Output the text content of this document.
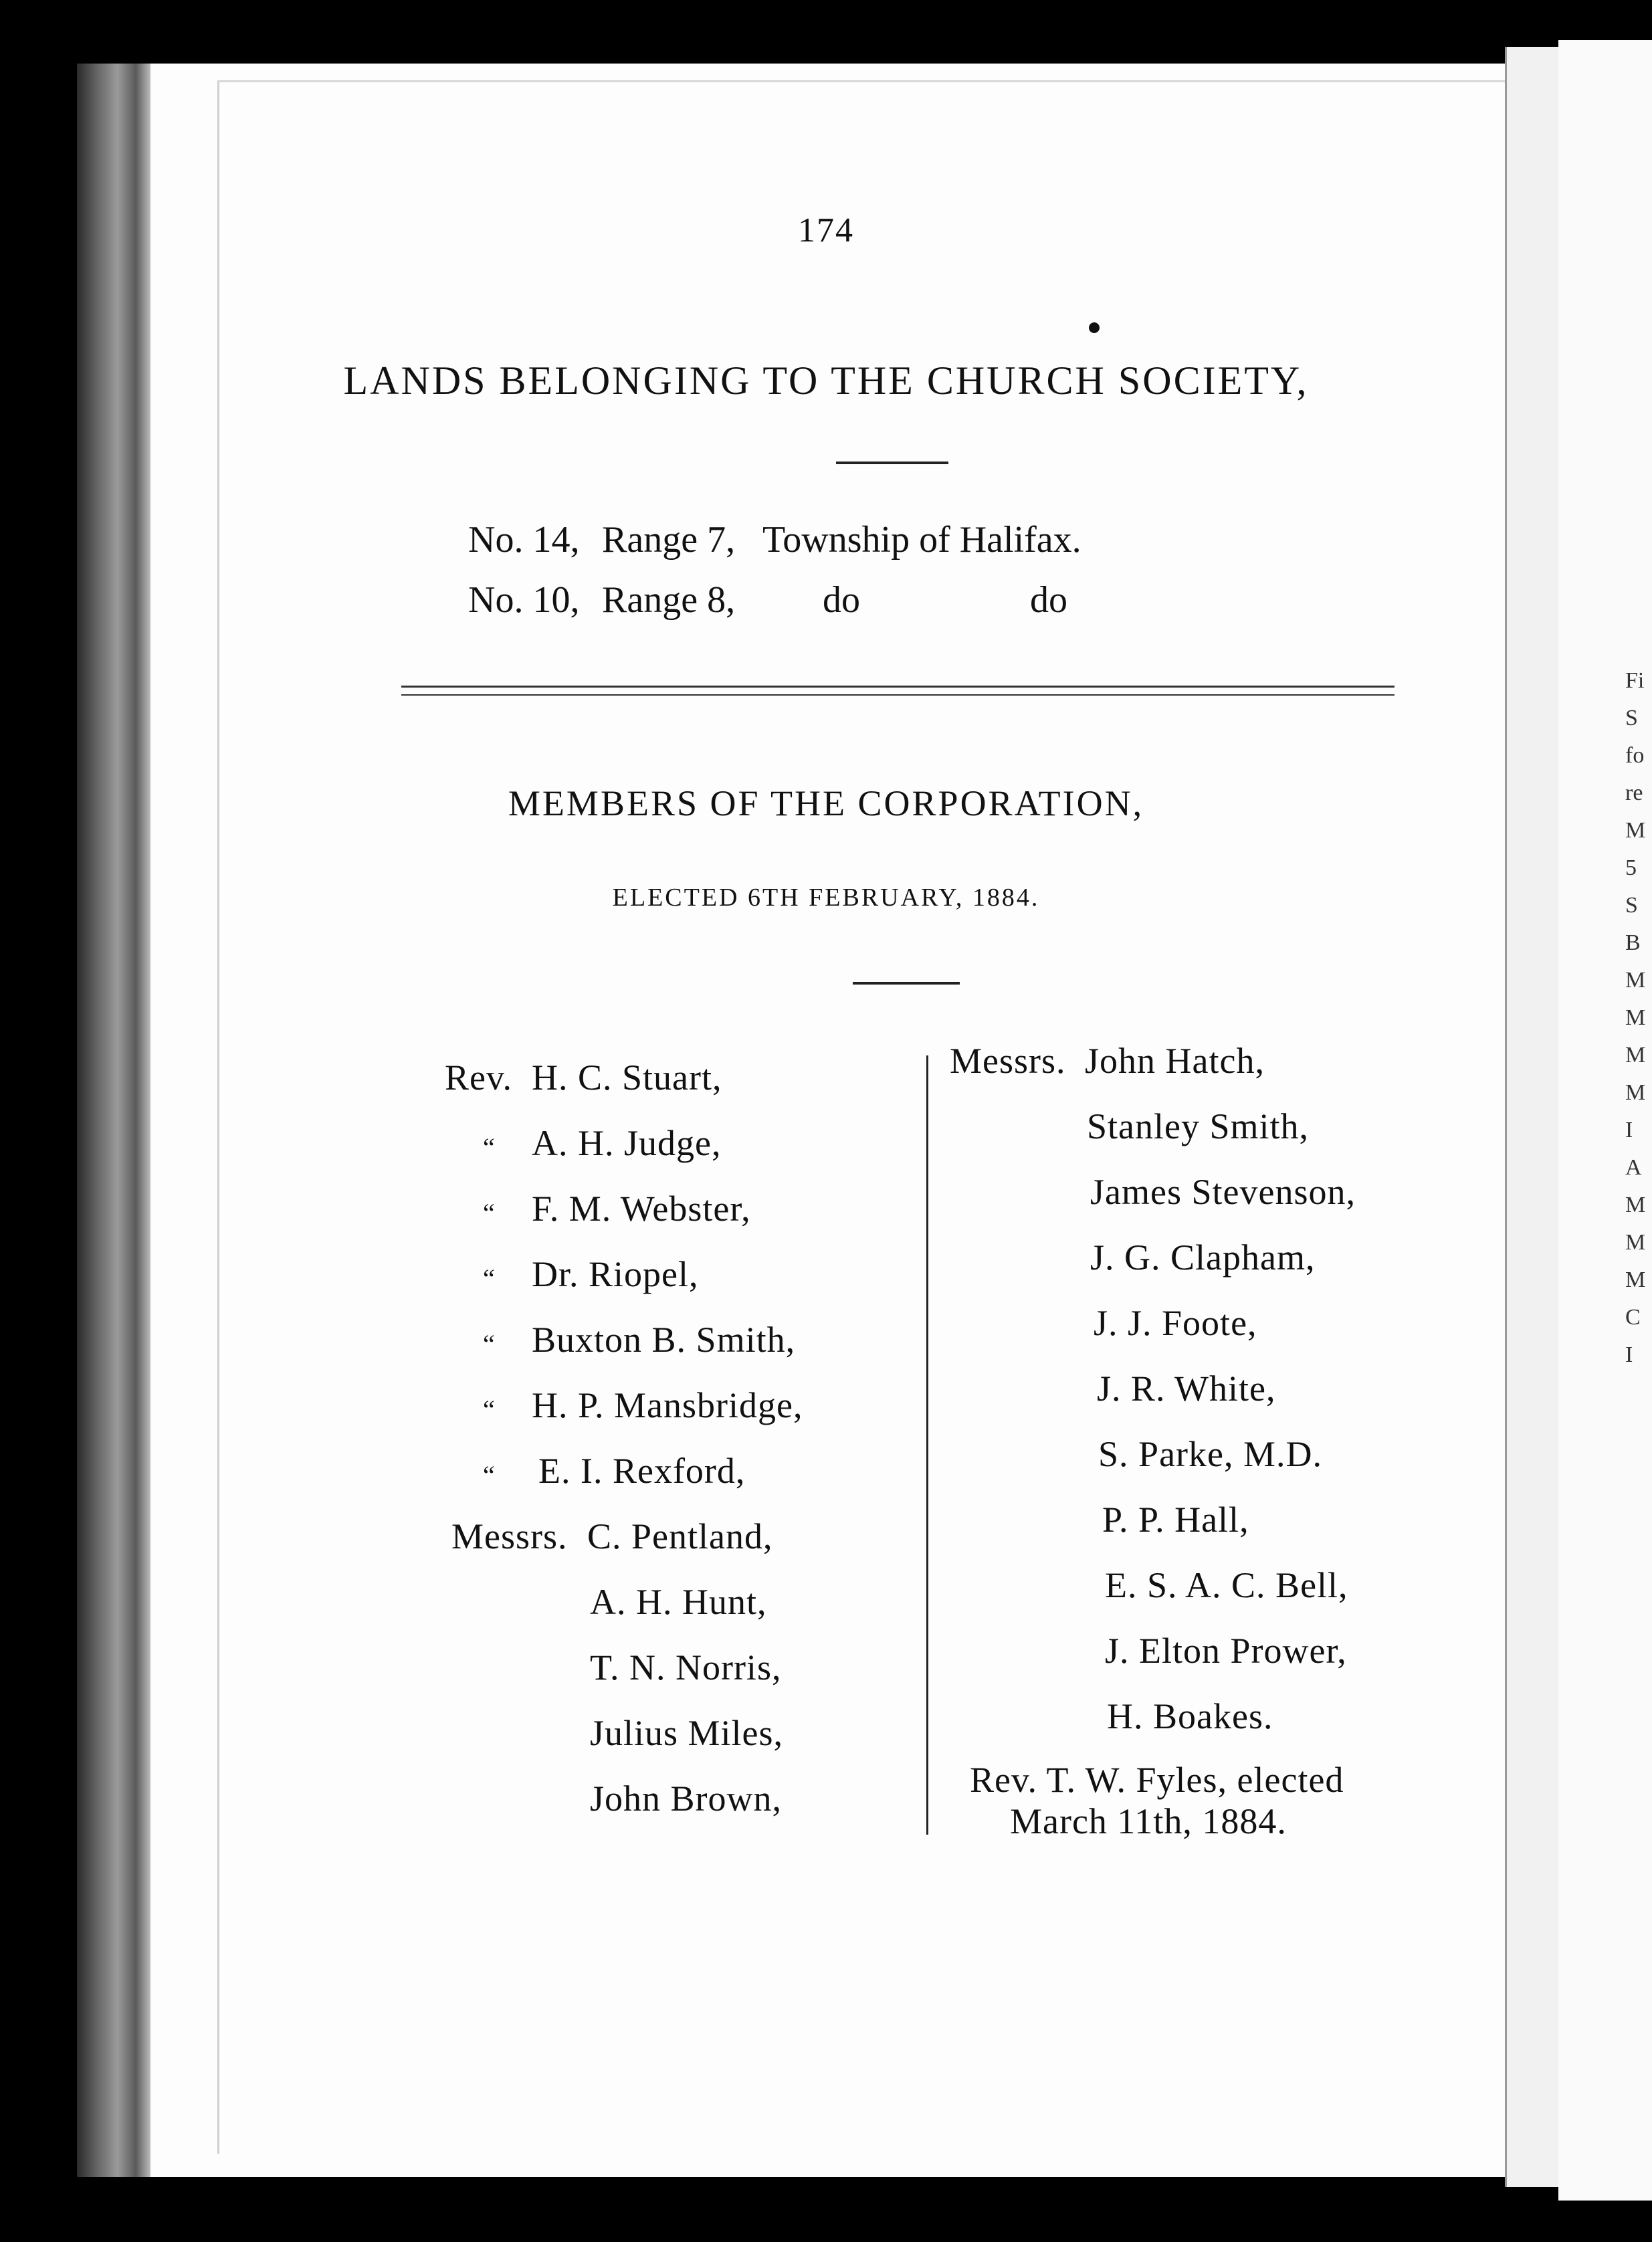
Fi
S
fo
re
M
5
S
B
M
M
M
M
I
A
M
M
M
C
I
174
LANDS BELONGING TO THE CHURCH SOCIETY,
No. 14, Range 7, Township of Halifax.
No. 10, Range 8, do	do
MEMBERS OF THE CORPORATION,
ELECTED 6TH FEBRUARY, 1884.
Rev. H. C. Stuart,
“ A. H. Judge,
“ F. M. Webster,
“ Dr. Riopel,
“ Buxton B. Smith,
“ H. P. Mansbridge,
“ E. I. Rexford,
Messrs. C. Pentland,
A. H. Hunt,
T. N. Norris,
Julius Miles,
John Brown,
Messrs. John Hatch,
Stanley Smith,
James Stevenson,
J. G. Clapham,
J. J. Foote,
J. R. White,
S. Parke, M.D.
P. P. Hall,
E. S. A. C. Bell,
J. Elton Prower,
H. Boakes.
Rev. T. W. Fyles, elected
March 11th, 1884.
